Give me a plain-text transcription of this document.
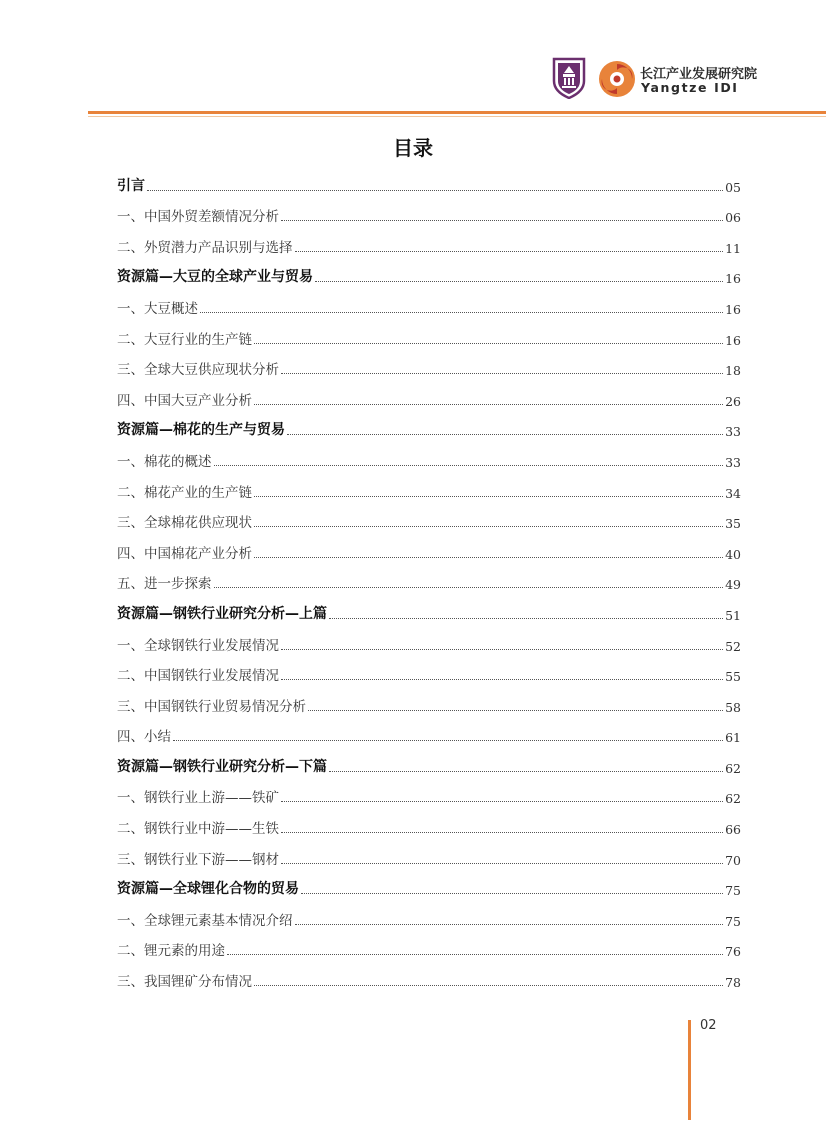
长江产业发展研究院
Yangtze IDI
目录
引言	05
一、中国外贸差额情况分析	06
二、外贸潜力产品识别与选择	11
资源篇—大豆的全球产业与贸易	16
一、大豆概述	16
二、大豆行业的生产链	16
三、全球大豆供应现状分析	18
四、中国大豆产业分析	26
资源篇—棉花的生产与贸易	33
一、棉花的概述	33
二、棉花产业的生产链	34
三、全球棉花供应现状	35
四、中国棉花产业分析	40
五、进一步探索	49
资源篇—钢铁行业研究分析—上篇	51
一、全球钢铁行业发展情况	52
二、中国钢铁行业发展情况	55
三、中国钢铁行业贸易情况分析	58
四、小结	61
资源篇—钢铁行业研究分析—下篇	62
一、钢铁行业上游——铁矿	62
二、钢铁行业中游——生铁	66
三、钢铁行业下游——钢材	70
资源篇—全球锂化合物的贸易	75
一、全球锂元素基本情况介绍	75
二、锂元素的用途	76
三、我国锂矿分布情况	78
02
